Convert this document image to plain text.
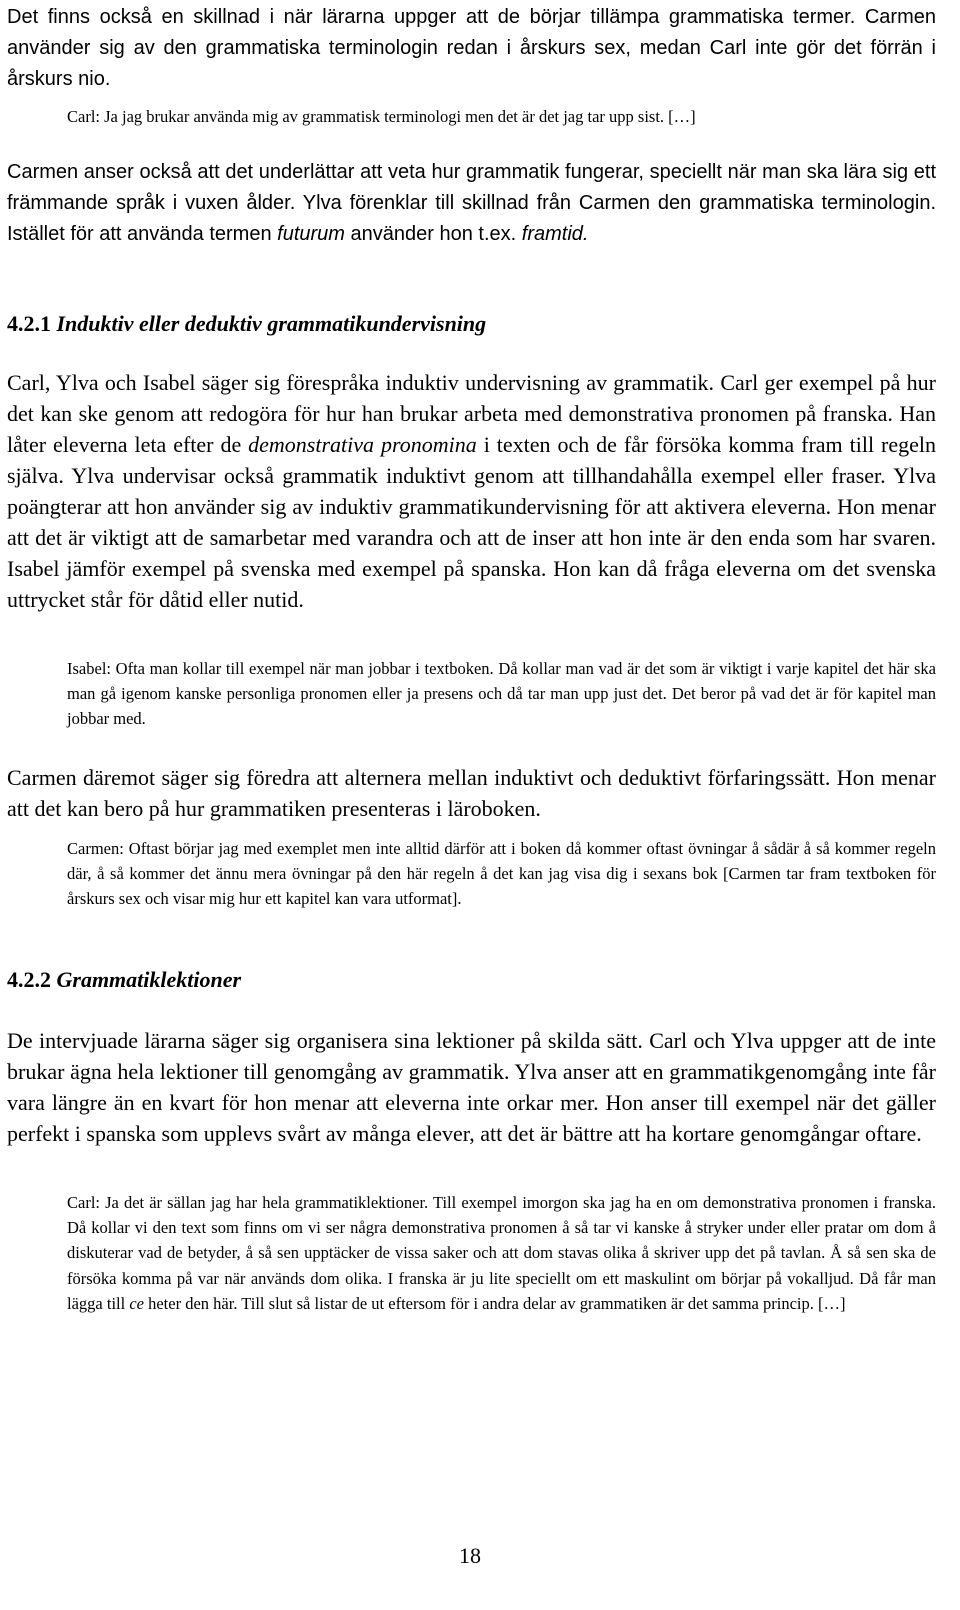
Det finns också en skillnad i när lärarna uppger att de börjar tillämpa grammatiska termer. Carmen använder sig av den grammatiska terminologin redan i årskurs sex, medan Carl inte gör det förrän i årskurs nio.

Carl: Ja jag brukar använda mig av grammatisk terminologi men det är det jag tar upp sist. […]

Carmen anser också att det underlättar att veta hur grammatik fungerar, speciellt när man ska lära sig ett främmande språk i vuxen ålder. Ylva förenklar till skillnad från Carmen den grammatiska terminologin. Istället för att använda termen futurum använder hon t.ex. framtid.

4.2.1 Induktiv eller deduktiv grammatikundervisning

Carl, Ylva och Isabel säger sig förespråka induktiv undervisning av grammatik. Carl ger exempel på hur det kan ske genom att redogöra för hur han brukar arbeta med demonstrativa pronomen på franska. Han låter eleverna leta efter de demonstrativa pronomina i texten och de får försöka komma fram till regeln själva. Ylva undervisar också grammatik induktivt genom att tillhandahålla exempel eller fraser. Ylva poängterar att hon använder sig av induktiv grammatikundervisning för att aktivera eleverna. Hon menar att det är viktigt att de samarbetar med varandra och att de inser att hon inte är den enda som har svaren. Isabel jämför exempel på svenska med exempel på spanska. Hon kan då fråga eleverna om det svenska uttrycket står för dåtid eller nutid.

Isabel: Ofta man kollar till exempel när man jobbar i textboken. Då kollar man vad är det som är viktigt i varje kapitel det här ska man gå igenom kanske personliga pronomen eller ja presens och då tar man upp just det. Det beror på vad det är för kapitel man jobbar med.

Carmen däremot säger sig föredra att alternera mellan induktivt och deduktivt förfaringssätt. Hon menar att det kan bero på hur grammatiken presenteras i läroboken.

Carmen: Oftast börjar jag med exemplet men inte alltid därför att i boken då kommer oftast övningar å sådär å så kommer regeln där, å så kommer det ännu mera övningar på den här regeln å det kan jag visa dig i sexans bok [Carmen tar fram textboken för årskurs sex och visar mig hur ett kapitel kan vara utformat].

4.2.2 Grammatiklektioner

De intervjuade lärarna säger sig organisera sina lektioner på skilda sätt. Carl och Ylva uppger att de inte brukar ägna hela lektioner till genomgång av grammatik. Ylva anser att en grammatikgenomgång inte får vara längre än en kvart för hon menar att eleverna inte orkar mer. Hon anser till exempel när det gäller perfekt i spanska som upplevs svårt av många elever, att det är bättre att ha kortare genomgångar oftare.

Carl: Ja det är sällan jag har hela grammatiklektioner. Till exempel imorgon ska jag ha en om demonstrativa pronomen i franska. Då kollar vi den text som finns om vi ser några demonstrativa pronomen å så tar vi kanske å stryker under eller pratar om dom å diskuterar vad de betyder, å så sen upptäcker de vissa saker och att dom stavas olika å skriver upp det på tavlan. Å så sen ska de försöka komma på var när används dom olika. I franska är ju lite speciellt om ett maskulint om börjar på vokalljud. Då får man lägga till ce heter den här. Till slut så listar de ut eftersom för i andra delar av grammatiken är det samma princip. […]

18
